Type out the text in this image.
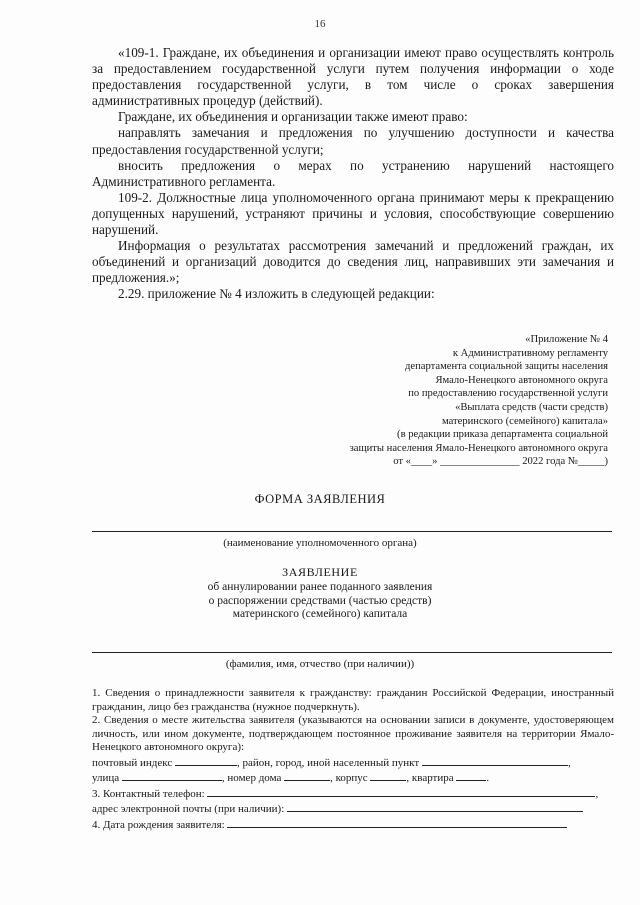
16

«109-1. Граждане, их объединения и организации имеют право осуществлять контроль за предоставлением государственной услуги путем получения информации о ходе предоставления государственной услуги, в том числе о сроках завершения административных процедур (действий).

Граждане, их объединения и организации также имеют право:

направлять замечания и предложения по улучшению доступности и качества предоставления государственной услуги;

вносить предложения о мерах по устранению нарушений настоящего Административного регламента.

109-2. Должностные лица уполномоченного органа принимают меры к прекращению допущенных нарушений, устраняют причины и условия, способствующие совершению нарушений.

Информация о результатах рассмотрения замечаний и предложений граждан, их объединений и организаций доводится до сведения лиц, направивших эти замечания и предложения.»;

2.29. приложение № 4 изложить в следующей редакции:

«Приложение № 4
к Административному регламенту
департамента социальной защиты населения
Ямало-Ненецкого автономного округа
по предоставлению государственной услуги
«Выплата средств (части средств)
материнского (семейного) капитала»
(в редакции приказа департамента социальной
защиты населения Ямало-Ненецкого автономного округа
от «____» _______________ 2022 года №_____)
ФОРМА ЗАЯВЛЕНИЯ
(наименование уполномоченного органа)
ЗАЯВЛЕНИЕ
об аннулировании ранее поданного заявления
о распоряжении средствами (частью средств)
материнского (семейного) капитала
(фамилия, имя, отчество (при наличии))
1. Сведения о принадлежности заявителя к гражданству: гражданин Российской Федерации, иностранный гражданин, лицо без гражданства (нужное подчеркнуть).
2. Сведения о месте жительства заявителя (указываются на основании записи в документе, удостоверяющем личность, или ином документе, подтверждающем постоянное проживание заявителя на территории Ямало-Ненецкого автономного округа):
почтовый индекс	, район, город, иной населенный пункт	,
улица	, номер дома	, корпус	, квартира	.
3. Контактный телефон:	,
адрес электронной почты (при наличии):
4. Дата рождения заявителя:
